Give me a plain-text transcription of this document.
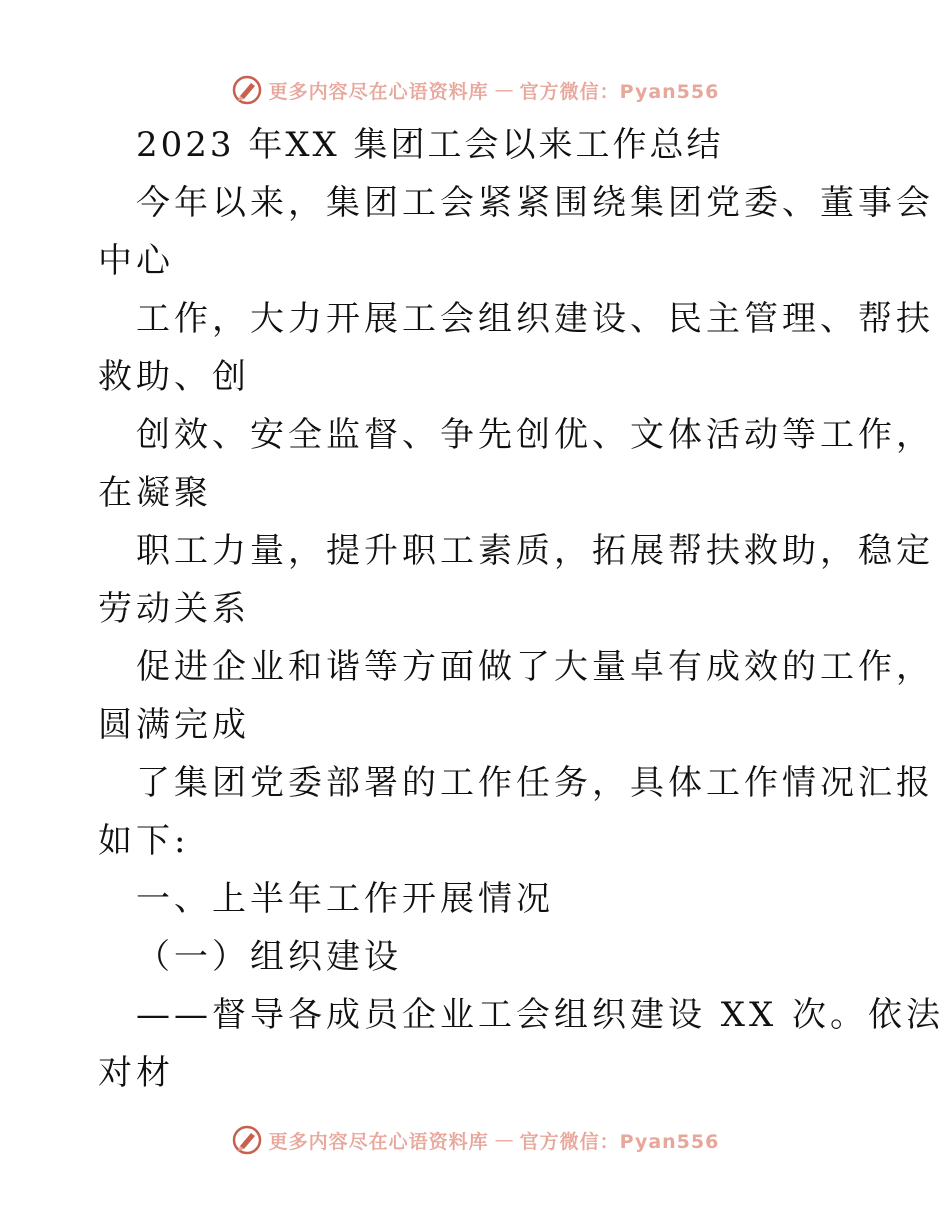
更多内容尽在心语资料库 — 官方微信：Pyan556
2023 年XX 集团工会以来工作总结
今年以来，集团工会紧紧围绕集团党委、董事会
中心
工作，大力开展工会组织建设、民主管理、帮扶
救助、创
创效、安全监督、争先创优、文体活动等工作，
在凝聚
职工力量，提升职工素质，拓展帮扶救助，稳定
劳动关系
促进企业和谐等方面做了大量卓有成效的工作，
圆满完成
了集团党委部署的工作任务，具体工作情况汇报
如下:
一、上半年工作开展情况
（一）组织建设
——督导各成员企业工会组织建设 XX 次。依法
对材
更多内容尽在心语资料库 — 官方微信：Pyan556
